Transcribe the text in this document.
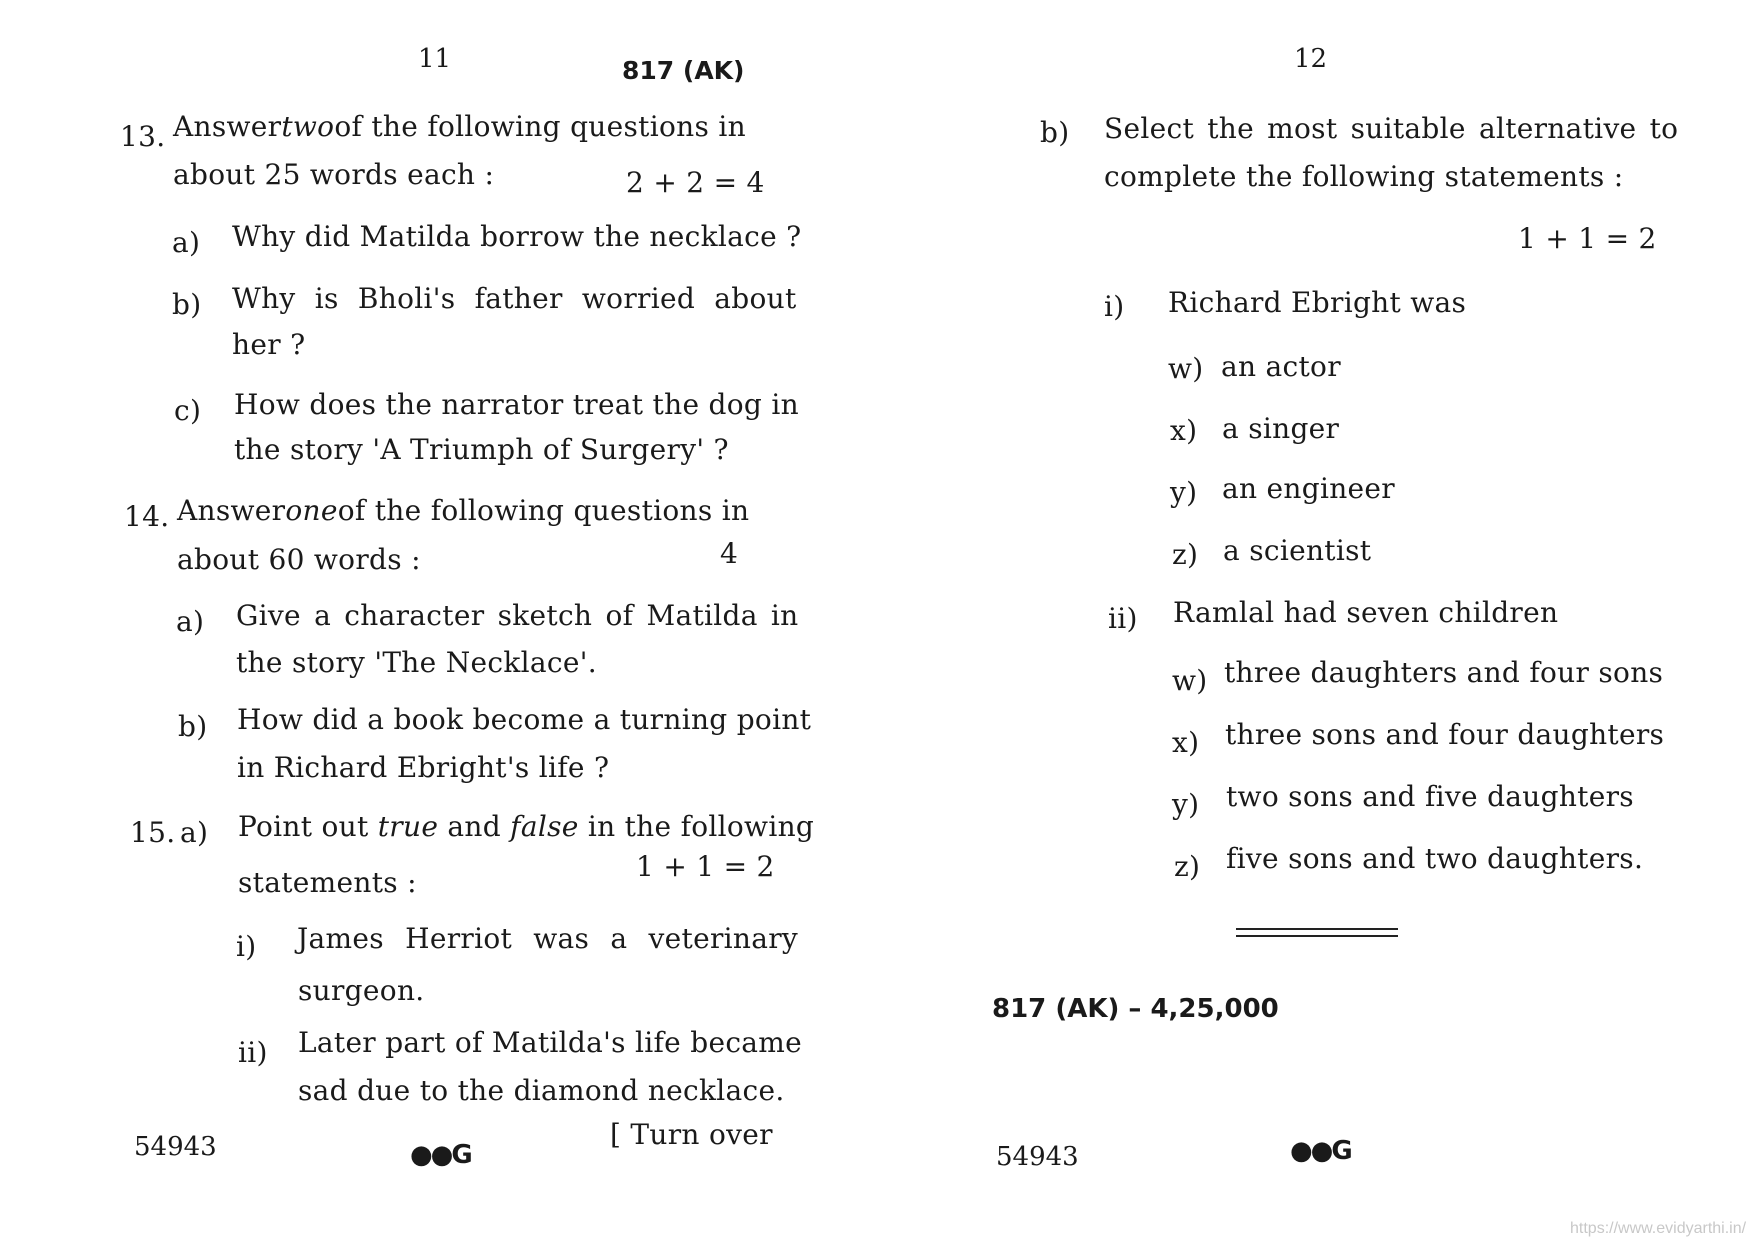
11	817 (AK)
13. Answer two of the following questions in
about 25 words each :	2 + 2 = 4
a) Why did Matilda borrow the necklace ?
b) Why is Bholi's father worried about
her ?
c) How does the narrator treat the dog in
the story 'A Triumph of Surgery' ?
14. Answer one of the following questions in
about 60 words :	4
a) Give a character sketch of Matilda in
the story 'The Necklace'.
b) How did a book become a turning point
in Richard Ebright's life ?
15. a) Point out true and false in the following
statements :	1 + 1 = 2
i) James Herriot was a veterinary
surgeon.
ii) Later part of Matilda's life became
sad due to the diamond necklace.
54943	●●G
[ Turn over
12
b) Select the most suitable alternative to
complete the following statements :
1 + 1 = 2
i) Richard Ebright was
w) an actor
x) a singer
y) an engineer
z) a scientist
ii) Ramlal had seven children
w) three daughters and four sons
x) three sons and four daughters
y) two sons and five daughters
z) five sons and two daughters.
817 (AK) – 4,25,000
54943	●●G
https://www.evidyarthi.in/
